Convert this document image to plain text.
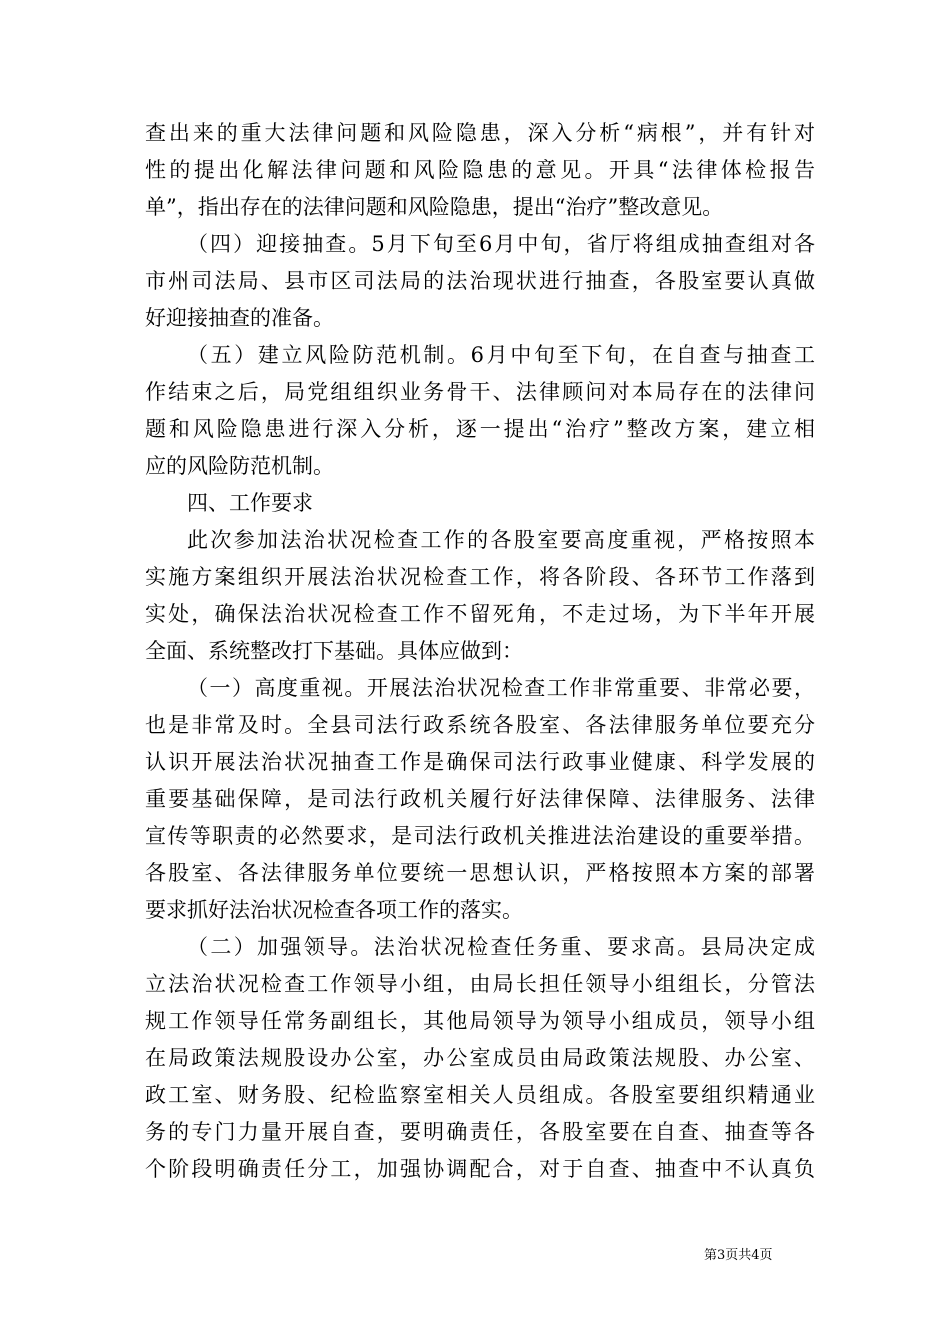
查出来的重大法律问题和风险隐患，深入分析“病根”，并有针对
性的提出化解法律问题和风险隐患的意见。开具“法律体检报告
单”，指出存在的法律问题和风险隐患，提出“治疗”整改意见。
（四）迎接抽查。5月下旬至6月中旬，省厅将组成抽查组对各
市州司法局、县市区司法局的法治现状进行抽查，各股室要认真做
好迎接抽查的准备。
（五）建立风险防范机制。6月中旬至下旬，在自查与抽查工
作结束之后，局党组组织业务骨干、法律顾问对本局存在的法律问
题和风险隐患进行深入分析，逐一提出“治疗”整改方案，建立相
应的风险防范机制。
四、工作要求
此次参加法治状况检查工作的各股室要高度重视，严格按照本
实施方案组织开展法治状况检查工作，将各阶段、各环节工作落到
实处，确保法治状况检查工作不留死角，不走过场，为下半年开展
全面、系统整改打下基础。具体应做到：
（一）高度重视。开展法治状况检查工作非常重要、非常必要，
也是非常及时。全县司法行政系统各股室、各法律服务单位要充分
认识开展法治状况抽查工作是确保司法行政事业健康、科学发展的
重要基础保障，是司法行政机关履行好法律保障、法律服务、法律
宣传等职责的必然要求，是司法行政机关推进法治建设的重要举措。
各股室、各法律服务单位要统一思想认识，严格按照本方案的部署
要求抓好法治状况检查各项工作的落实。
（二）加强领导。法治状况检查任务重、要求高。县局决定成
立法治状况检查工作领导小组，由局长担任领导小组组长，分管法
规工作领导任常务副组长，其他局领导为领导小组成员，领导小组
在局政策法规股设办公室，办公室成员由局政策法规股、办公室、
政工室、财务股、纪检监察室相关人员组成。各股室要组织精通业
务的专门力量开展自查，要明确责任，各股室要在自查、抽查等各
个阶段明确责任分工，加强协调配合，对于自查、抽查中不认真负
第3页共4页
